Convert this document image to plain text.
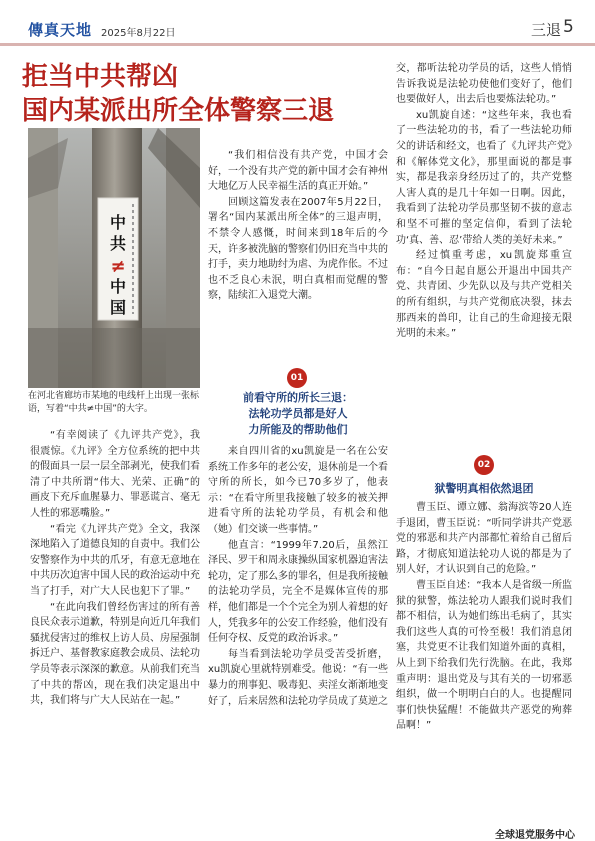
傳真天地 2025年8月22日	三退 5
拒当中共帮凶
国内某派出所全体警察三退
中
共
≠
中
国
在河北省廊坊市某地的电线杆上出现一张标语，写着“中共≠中国”的大字。

“有幸阅读了《九评共产党》，我很震惊。《九评》全方位系统的把中共的假面具一层一层全部剥光，使我们看清了中共所谓“伟大、光荣、正确”的画皮下充斥血腥暴力、罪恶谎言、毫无人性的邪恶嘴脸。”

“看完《九评共产党》全文，我深深地陷入了道德良知的自责中。我们公安警察作为中共的爪牙，有意无意地在中共历次迫害中国人民的政治运动中充当了打手，对广大人民也犯下了罪。”

“在此向我们曾经伤害过的所有善良民众表示道歉，特别是向近几年我们骚扰侵害过的维权上访人员、房屋强制拆迁户、基督教家庭教会成员、法轮功学员等表示深深的歉意。从前我们充当了中共的帮凶，现在我们决定退出中共，我们将与广大人民站在一起。”

“我们相信没有共产党，中国才会好，一个没有共产党的新中国才会有神州大地亿万人民幸福生活的真正开始。”

回顾这篇发表在2007年5月22日，署名“国内某派出所全体”的三退声明，不禁令人感慨，时间来到18年后的今天，许多被洗脑的警察们仍旧充当中共的打手，卖力地助纣为虐、为虎作伥。不过也不乏良心未泯，明白真相而觉醒的警察，陆续汇入退党大潮。

01
前看守所的所长三退：
法轮功学员都是好人
力所能及的帮助他们

来自四川省的xu凯旋是一名在公安系统工作多年的老公安，退休前是一个看守所的所长，如今已70多岁了，他表示：“在看守所里我接触了较多的被关押进看守所的法轮功学员，有机会和他（她）们交谈一些事情。”

他直言：“1999年7.20后，虽然江泽民、罗干和周永康操纵国家机器迫害法轮功，定了那么多的罪名，但是我所接触的法轮功学员，完全不是媒体宣传的那样，他们都是一个个完全为别人着想的好人，凭我多年的公安工作经验，他们没有任何夺权、反党的政治诉求。”

每当看到法轮功学员受苦受折磨，xu凯旋心里就特别难受。他说：“有一些暴力的刑事犯、吸毒犯、卖淫女渐渐地变好了，后来居然和法轮功学员成了莫逆之

交，都听法轮功学员的话，这些人悄悄告诉我说是法轮功使他们变好了，他们也要做好人，出去后也要炼法轮功。”

xu凯旋自述：“这些年来，我也看了一些法轮功的书，看了一些法轮功师父的讲话和经文，也看了《九评共产党》和《解体党文化》，那里面说的都是事实，都是我亲身经历过了的，共产党整人害人真的是几十年如一日啊。因此，我看到了法轮功学员那坚韧不拔的意志和坚不可摧的坚定信仰，看到了法轮功‘真、善、忍’带给人类的美好未来。”

经过慎重考虑，xu凯旋郑重宣布：“自今日起自愿公开退出中国共产党、共青团、少先队以及与共产党相关的所有组织，与共产党彻底决裂，抹去那西来的兽印，让自己的生命迎接无限光明的未来。”

02
狱警明真相依然退团

曹玉臣、谭立娜、翁海滨等20人连手退团，曹玉臣说：“听同学讲共产党恶党的邪恶和共产内部都忙着给自己留后路，才彻底知道法轮功人说的都是为了别人好，才认识到自己的危险。”

曹玉臣自述：“我本人是省级一所监狱的狱警，炼法轮功人跟我们说时我们都不相信，认为她们练出毛病了，其实我们这些人真的可怜至极！我们消息闭塞，共党更不让我们知道外面的真相，从上到下给我们先行洗脑。在此，我郑重声明：退出党及与其有关的一切邪恶组织，做一个明明白白的人。也提醒同事们快快猛醒！不能做共产恶党的殉葬品啊！”

全球退党服务中心
